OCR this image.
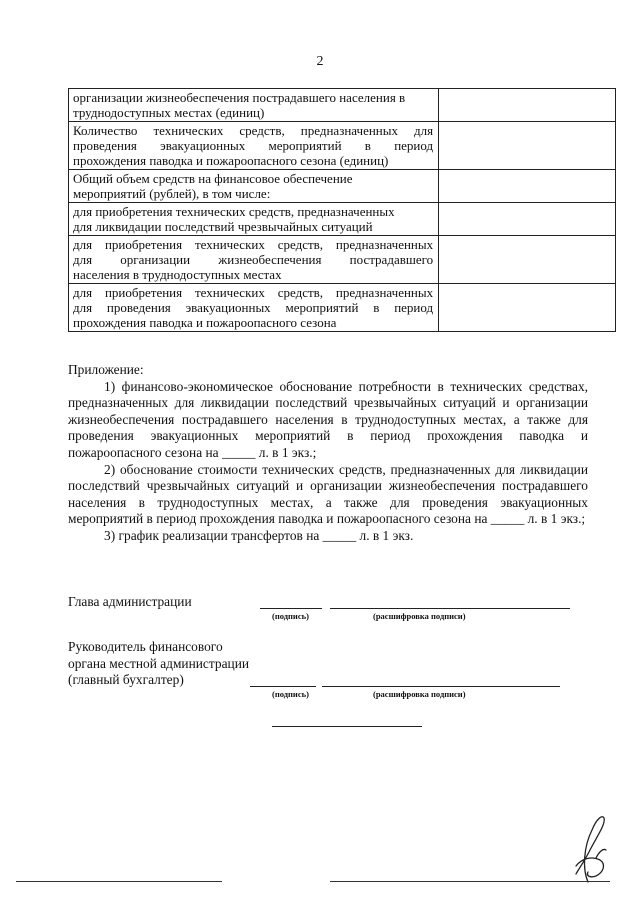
2
организации жизнеобеспечения пострадавшего населения в
труднодоступных местах (единиц)	

Количество технических средств, предназначенных для
проведения эвакуационных мероприятий в период
прохождения паводка и пожароопасного сезона (единиц)	

Общий объем средств на финансовое обеспечение
мероприятий (рублей), в том числе:	

для приобретения технических средств, предназначенных
для ликвидации последствий чрезвычайных ситуаций	

для приобретения технических средств, предназначенных
для организации жизнеобеспечения пострадавшего
населения в труднодоступных местах	

для приобретения технических средств, предназначенных
для проведения эвакуационных мероприятий в период
прохождения паводка и пожароопасного сезона	

Приложение:

1) финансово-экономическое обоснование потребности в технических средствах, предназначенных для ликвидации последствий чрезвычайных ситуаций и организации жизнеобеспечения пострадавшего населения в труднодоступных местах, а также для проведения эвакуационных мероприятий в период прохождения паводка и пожароопасного сезона на _____ л. в 1 экз.;

2) обоснование стоимости технических средств, предназначенных для ликвидации последствий чрезвычайных ситуаций и организации жизнеобеспечения пострадавшего населения в труднодоступных местах, а также для проведения эвакуационных мероприятий в период прохождения паводка и пожароопасного сезона на _____ л. в 1 экз.;

3) график реализации трансфертов на _____ л. в 1 экз.

Глава администрации
(подпись)	(расшифровка подписи)
Руководитель финансового
органа местной администрации
(главный бухгалтер)
(подпись)	(расшифровка подписи)
